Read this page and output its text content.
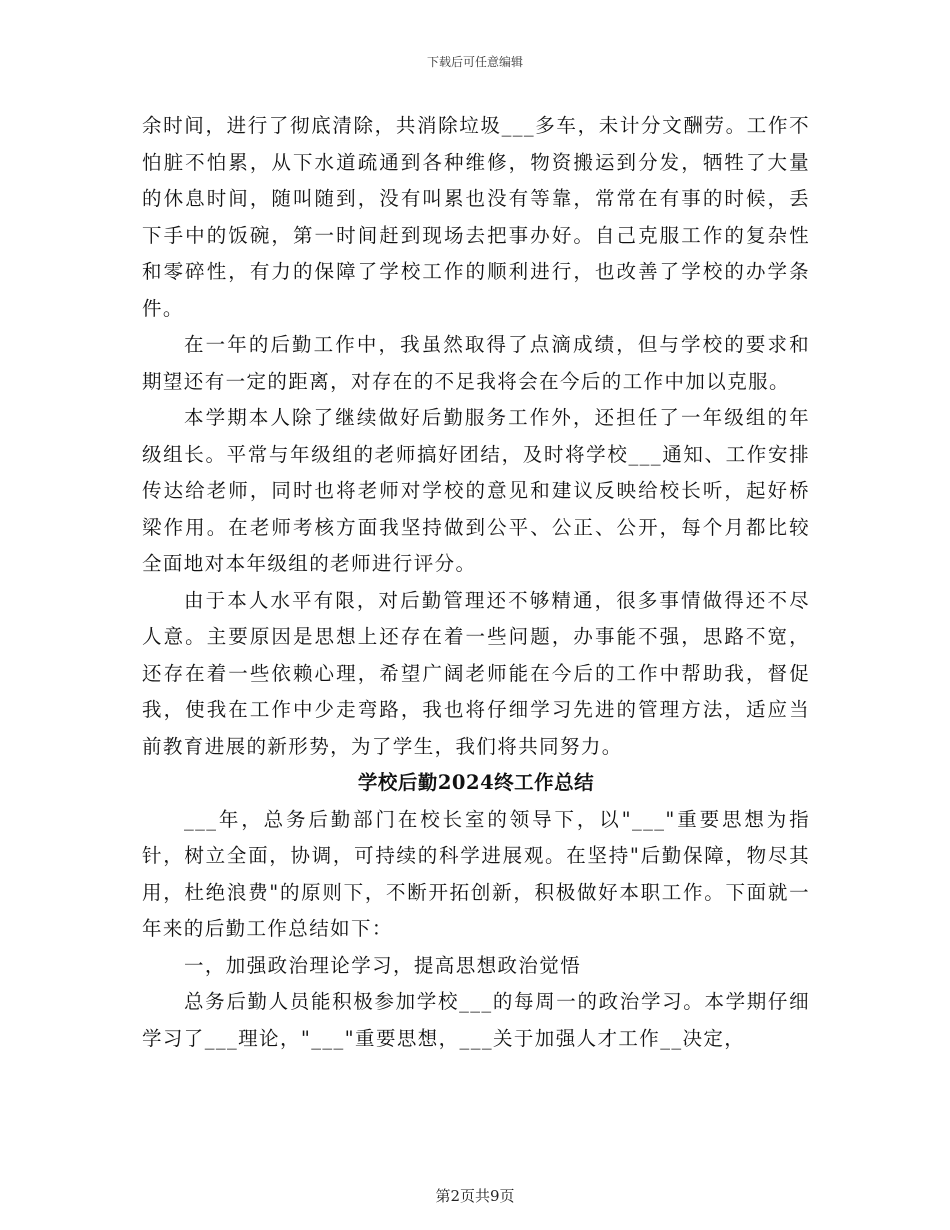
下载后可任意编辑

余时间，进行了彻底清除，共消除垃圾___多车，未计分文酬劳。工作不怕脏不怕累，从下水道疏通到各种维修，物资搬运到分发，牺牲了大量的休息时间，随叫随到，没有叫累也没有等靠，常常在有事的时候，丢下手中的饭碗，第一时间赶到现场去把事办好。自己克服工作的复杂性和零碎性，有力的保障了学校工作的顺利进行，也改善了学校的办学条件。

在一年的后勤工作中，我虽然取得了点滴成绩，但与学校的要求和期望还有一定的距离，对存在的不足我将会在今后的工作中加以克服。

本学期本人除了继续做好后勤服务工作外，还担任了一年级组的年级组长。平常与年级组的老师搞好团结，及时将学校___通知、工作安排传达给老师，同时也将老师对学校的意见和建议反映给校长听，起好桥梁作用。在老师考核方面我坚持做到公平、公正、公开，每个月都比较全面地对本年级组的老师进行评分。

由于本人水平有限，对后勤管理还不够精通，很多事情做得还不尽人意。主要原因是思想上还存在着一些问题，办事能不强，思路不宽，还存在着一些依赖心理，希望广阔老师能在今后的工作中帮助我，督促我，使我在工作中少走弯路，我也将仔细学习先进的管理方法，适应当前教育进展的新形势，为了学生，我们将共同努力。

学校后勤2024终工作总结

___年，总务后勤部门在校长室的领导下，以"___"重要思想为指针，树立全面，协调，可持续的科学进展观。在坚持"后勤保障，物尽其用，杜绝浪费"的原则下，不断开拓创新，积极做好本职工作。下面就一年来的后勤工作总结如下：

一，加强政治理论学习，提高思想政治觉悟

总务后勤人员能积极参加学校___的每周一的政治学习。本学期仔细学习了___理论，"___"重要思想，___关于加强人才工作__决定，

第2页共9页
